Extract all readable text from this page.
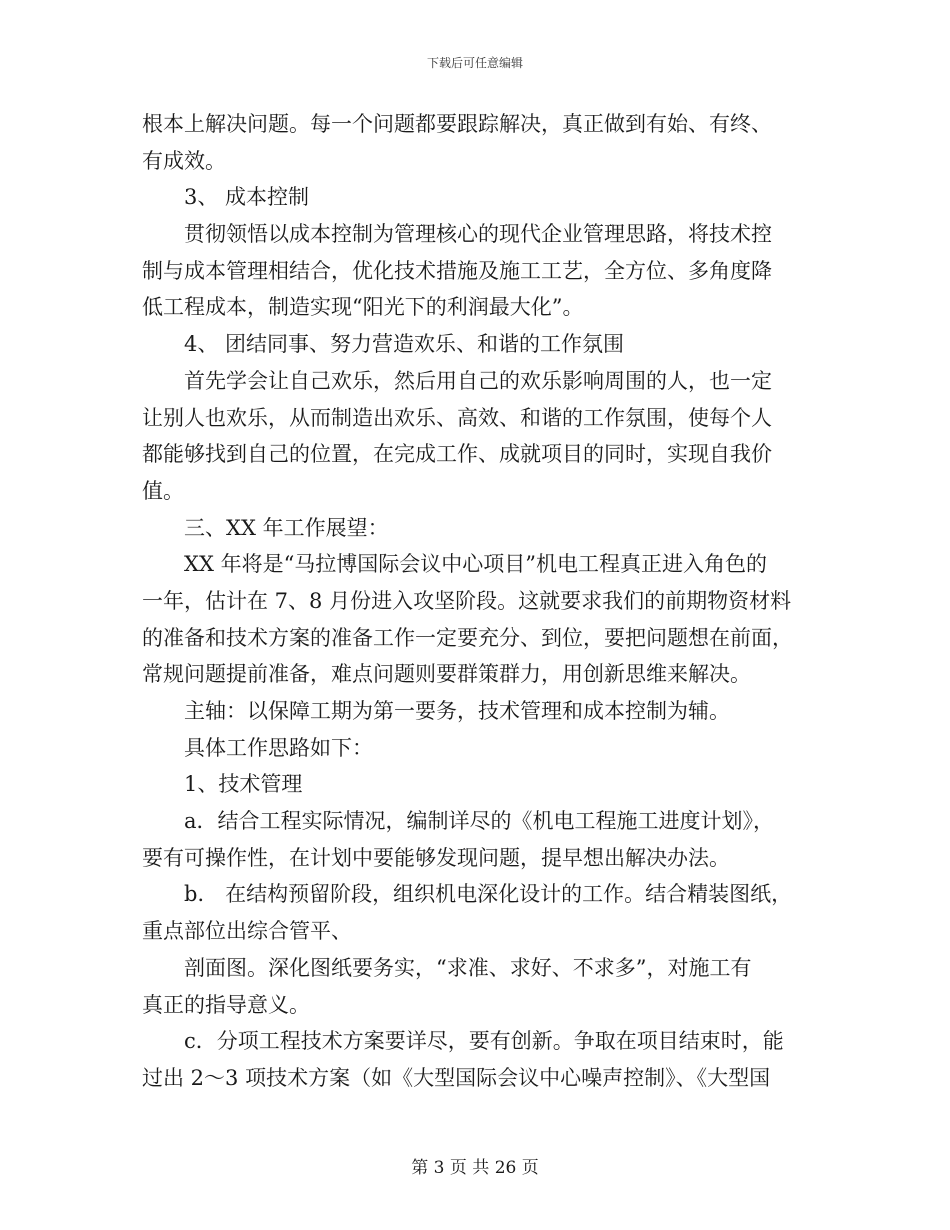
下载后可任意编辑
根本上解决问题。每一个问题都要跟踪解决，真正做到有始、有终、
有成效。
3、 成本控制
贯彻领悟以成本控制为管理核心的现代企业管理思路，将技术控
制与成本管理相结合，优化技术措施及施工工艺，全方位、多角度降
低工程成本，制造实现“阳光下的利润最大化”。
4、 团结同事、努力营造欢乐、和谐的工作氛围
首先学会让自己欢乐，然后用自己的欢乐影响周围的人，也一定
让别人也欢乐，从而制造出欢乐、高效、和谐的工作氛围，使每个人
都能够找到自己的位置，在完成工作、成就项目的同时，实现自我价
值。
三、XX 年工作展望：
XX 年将是“马拉博国际会议中心项目”机电工程真正进入角色的
一年，估计在 7、8 月份进入攻坚阶段。这就要求我们的前期物资材料
的准备和技术方案的准备工作一定要充分、到位，要把问题想在前面，
常规问题提前准备，难点问题则要群策群力，用创新思维来解决。
主轴：以保障工期为第一要务，技术管理和成本控制为辅。
具体工作思路如下：
1、技术管理
a．结合工程实际情况，编制详尽的《机电工程施工进度计划》，
要有可操作性，在计划中要能够发现问题，提早想出解决办法。
b． 在结构预留阶段，组织机电深化设计的工作。结合精装图纸，
重点部位出综合管平、
剖面图。深化图纸要务实，“求准、求好、不求多”，对施工有
真正的指导意义。
c．分项工程技术方案要详尽，要有创新。争取在项目结束时，能
过出 2～3 项技术方案（如《大型国际会议中心噪声控制》、《大型国
第 3 页 共 26 页
